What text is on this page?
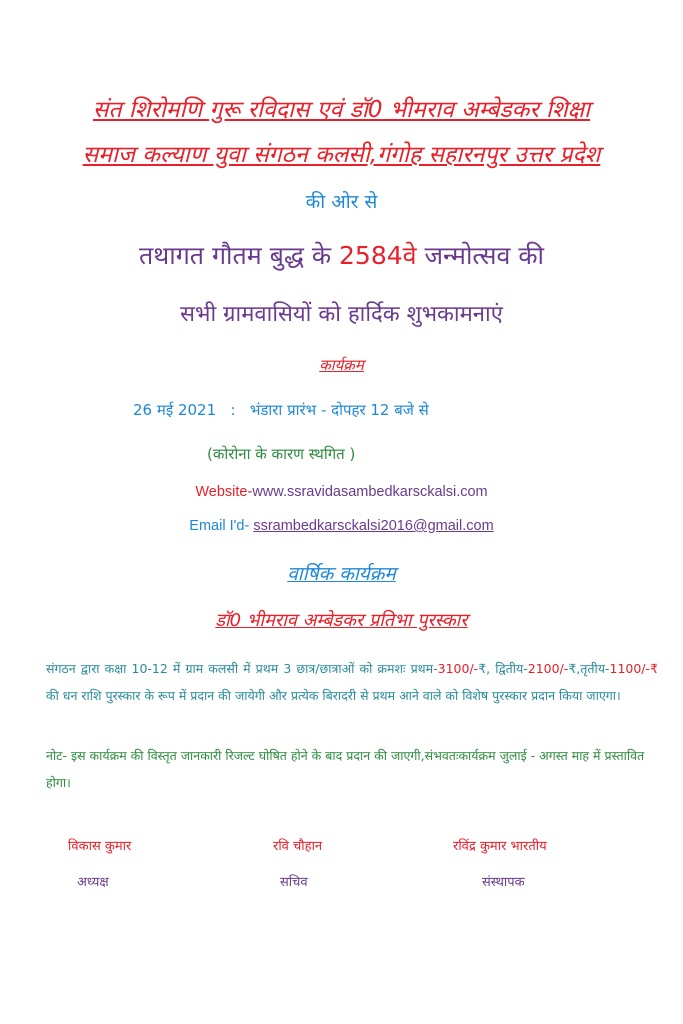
संत शिरोमणि गुरू रविदास एवं डॉ0 भीमराव अम्बेडकर शिक्षा
समाज कल्याण युवा संगठन कलसी,गंगोह सहारनपुर उत्तर प्रदेश
की ओर से
तथागत गौतम बुद्ध के 2584वे जन्मोत्सव की
सभी ग्रामवासियों को हार्दिक शुभकामनाएं
कार्यक्रम
26 मई 2021 : भंडारा प्रारंभ - दोपहर 12 बजे से
(कोरोना के कारण स्थगित )
Website-www.ssravidasambedkarsckalsi.com
Email I'd- ssrambedkarsckalsi2016@gmail.com
वार्षिक कार्यक्रम
डॉ0 भीमराव अम्बेडकर प्रतिभा पुरस्कार
संगठन द्वारा कक्षा 10-12 में ग्राम कलसी में प्रथम 3 छात्र/छात्राओं को क्रमशः प्रथम-3100/-₹, द्वितीय-2100/-₹,तृतीय-1100/-₹ की धन राशि पुरस्कार के रूप में प्रदान की जायेगी और प्रत्येक बिरादरी से प्रथम आने वाले को विशेष पुरस्कार प्रदान किया जाएगा।
नोट- इस कार्यक्रम की विस्तृत जानकारी रिजल्ट घोषित होने के बाद प्रदान की जाएगी,संभवतःकार्यक्रम जुलाई - अगस्त माह में प्रस्तावित होगा।
विकास कुमार	रवि चौहान	रविंद्र कुमार भारतीय
अध्यक्ष	सचिव	संस्थापक
